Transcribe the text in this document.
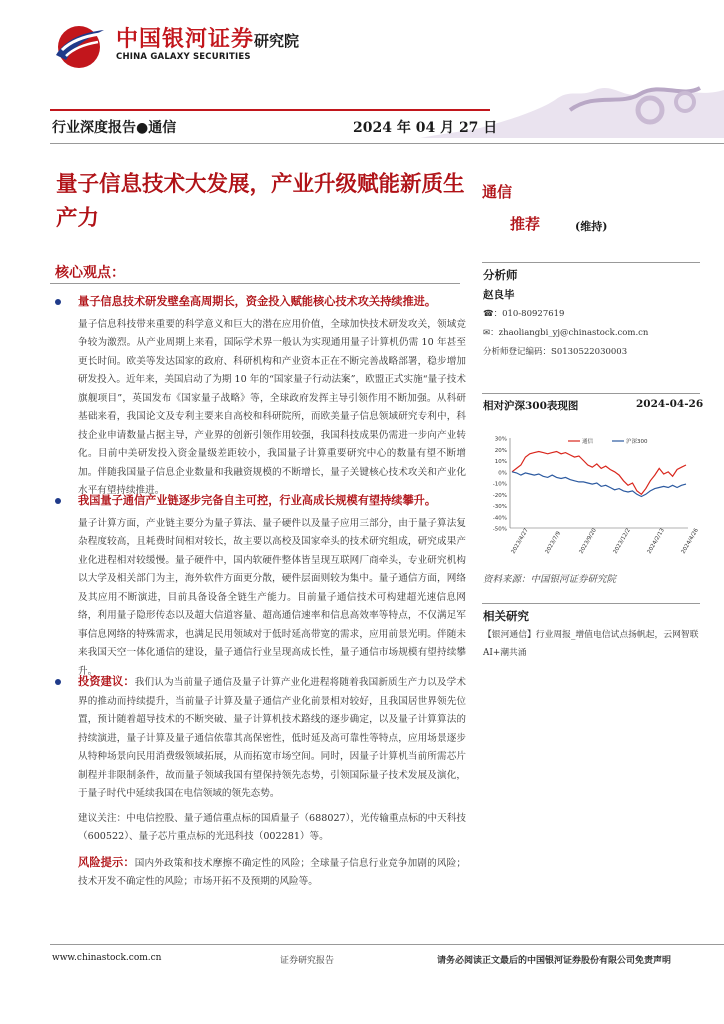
中国银河证券
CHINA GALAXY SECURITIES
研究院
行业深度报告●通信	2024 年 04 月 27 日
量子信息技术大发展，产业升级赋能新质生产力
通信
推荐	(维持)
核心观点：
量子信息技术研发壁垒高周期长，资金投入赋能核心技术攻关持续推进。
量子信息科技带来重要的科学意义和巨大的潜在应用价值，全球加快技术研发攻关，领域竞争较为激烈。从产业周期上来看，国际学术界一般认为实现通用量子计算机仍需 10 年甚至更长时间。欧美等发达国家的政府、科研机构和产业资本正在不断完善战略部署，稳步增加研发投入。近年来，美国启动了为期 10 年的“国家量子行动法案”，欧盟正式实施“量子技术旗舰项目”，英国发布《国家量子战略》等，全球政府发挥主导引领作用不断加强。从科研基础来看，我国论文及专利主要来自高校和科研院所，而欧美量子信息领域研究专利中，科技企业申请数量占据主导，产业界的创新引领作用较强，我国科技成果仍需进一步向产业转化。目前中美研发投入资金量级差距较小，我国量子计算重要研究中心的数量有望不断增加。伴随我国量子信息企业数量和我融资规模的不断增长，量子关键核心技术攻关和产业化水平有望持续推进。
我国量子通信产业链逐步完备自主可控，行业高成长规模有望持续攀升。
量子计算方面，产业链主要分为量子算法、量子硬件以及量子应用三部分，由于量子算法复杂程度较高，且耗费时间相对较长，故主要以高校及国家牵头的技术研究组成，研究成果产业化进程相对较缓慢。量子硬件中，国内软硬件整体皆呈现互联网厂商牵头，专业研究机构以大学及相关部门为主，海外软件方面更分散，硬件层面则较为集中。量子通信方面，网络及其应用不断演进，目前具备设备全链生产能力。目前量子通信技术可构建超光速信息网络，利用量子隐形传态以及超大信道容量、超高通信速率和信息高效率等特点，不仅满足军事信息网络的特殊需求，也满足民用领域对于低时延高带宽的需求，应用前景光明。伴随未来我国天空一体化通信的建设，量子通信行业呈现高成长性，量子通信市场规模有望持续攀升。
投资建议：我们认为当前量子通信及量子计算产业化进程将随着我国新质生产力以及学术界的推动而持续提升，当前量子计算及量子通信产业化前景相对较好，且我国居世界领先位置，预计随着超导技术的不断突破、量子计算机技术路线的逐步确定，以及量子计算算法的持续演进，量子计算及量子通信依靠其高保密性，低时延及高可靠性等特点，应用场景逐步从特种场景向民用消费级领域拓展，从而拓宽市场空间。同时，因量子计算机当前所需芯片制程并非限制条件，故而量子领域我国有望保持领先态势，引领国际量子技术发展及演化，于量子时代中延续我国在电信领域的领先态势。
建议关注：中电信控股、量子通信重点标的国盾量子（688027），光传输重点标的中天科技（600522）、量子芯片重点标的光迅科技（002281）等。
风险提示：国内外政策和技术摩擦不确定性的风险；全球量子信息行业竞争加剧的风险；技术开发不确定性的风险；市场开拓不及预期的风险等。
分析师
赵良毕
☎：010-80927619
✉：zhaoliangbi_yj@chinastock.com.cn
分析师登记编码：S0130522030003
相对沪深300表现图	2024-04-26
30%
20%
10%
0%
-10%
-20%
-30%
-40%
-50% 2023/4/27	2023/7/9	2023/9/20	2023/12/2	2024/2/13	2024/4/26
通信	沪深300
资料来源：中国银河证券研究院
相关研究
【银河通信】行业周报_增值电信试点扬帆起，云网智联AI+潮共涌
www.chinastock.com.cn	证券研究报告	请务必阅读正文最后的中国银河证券股份有限公司免责声明
